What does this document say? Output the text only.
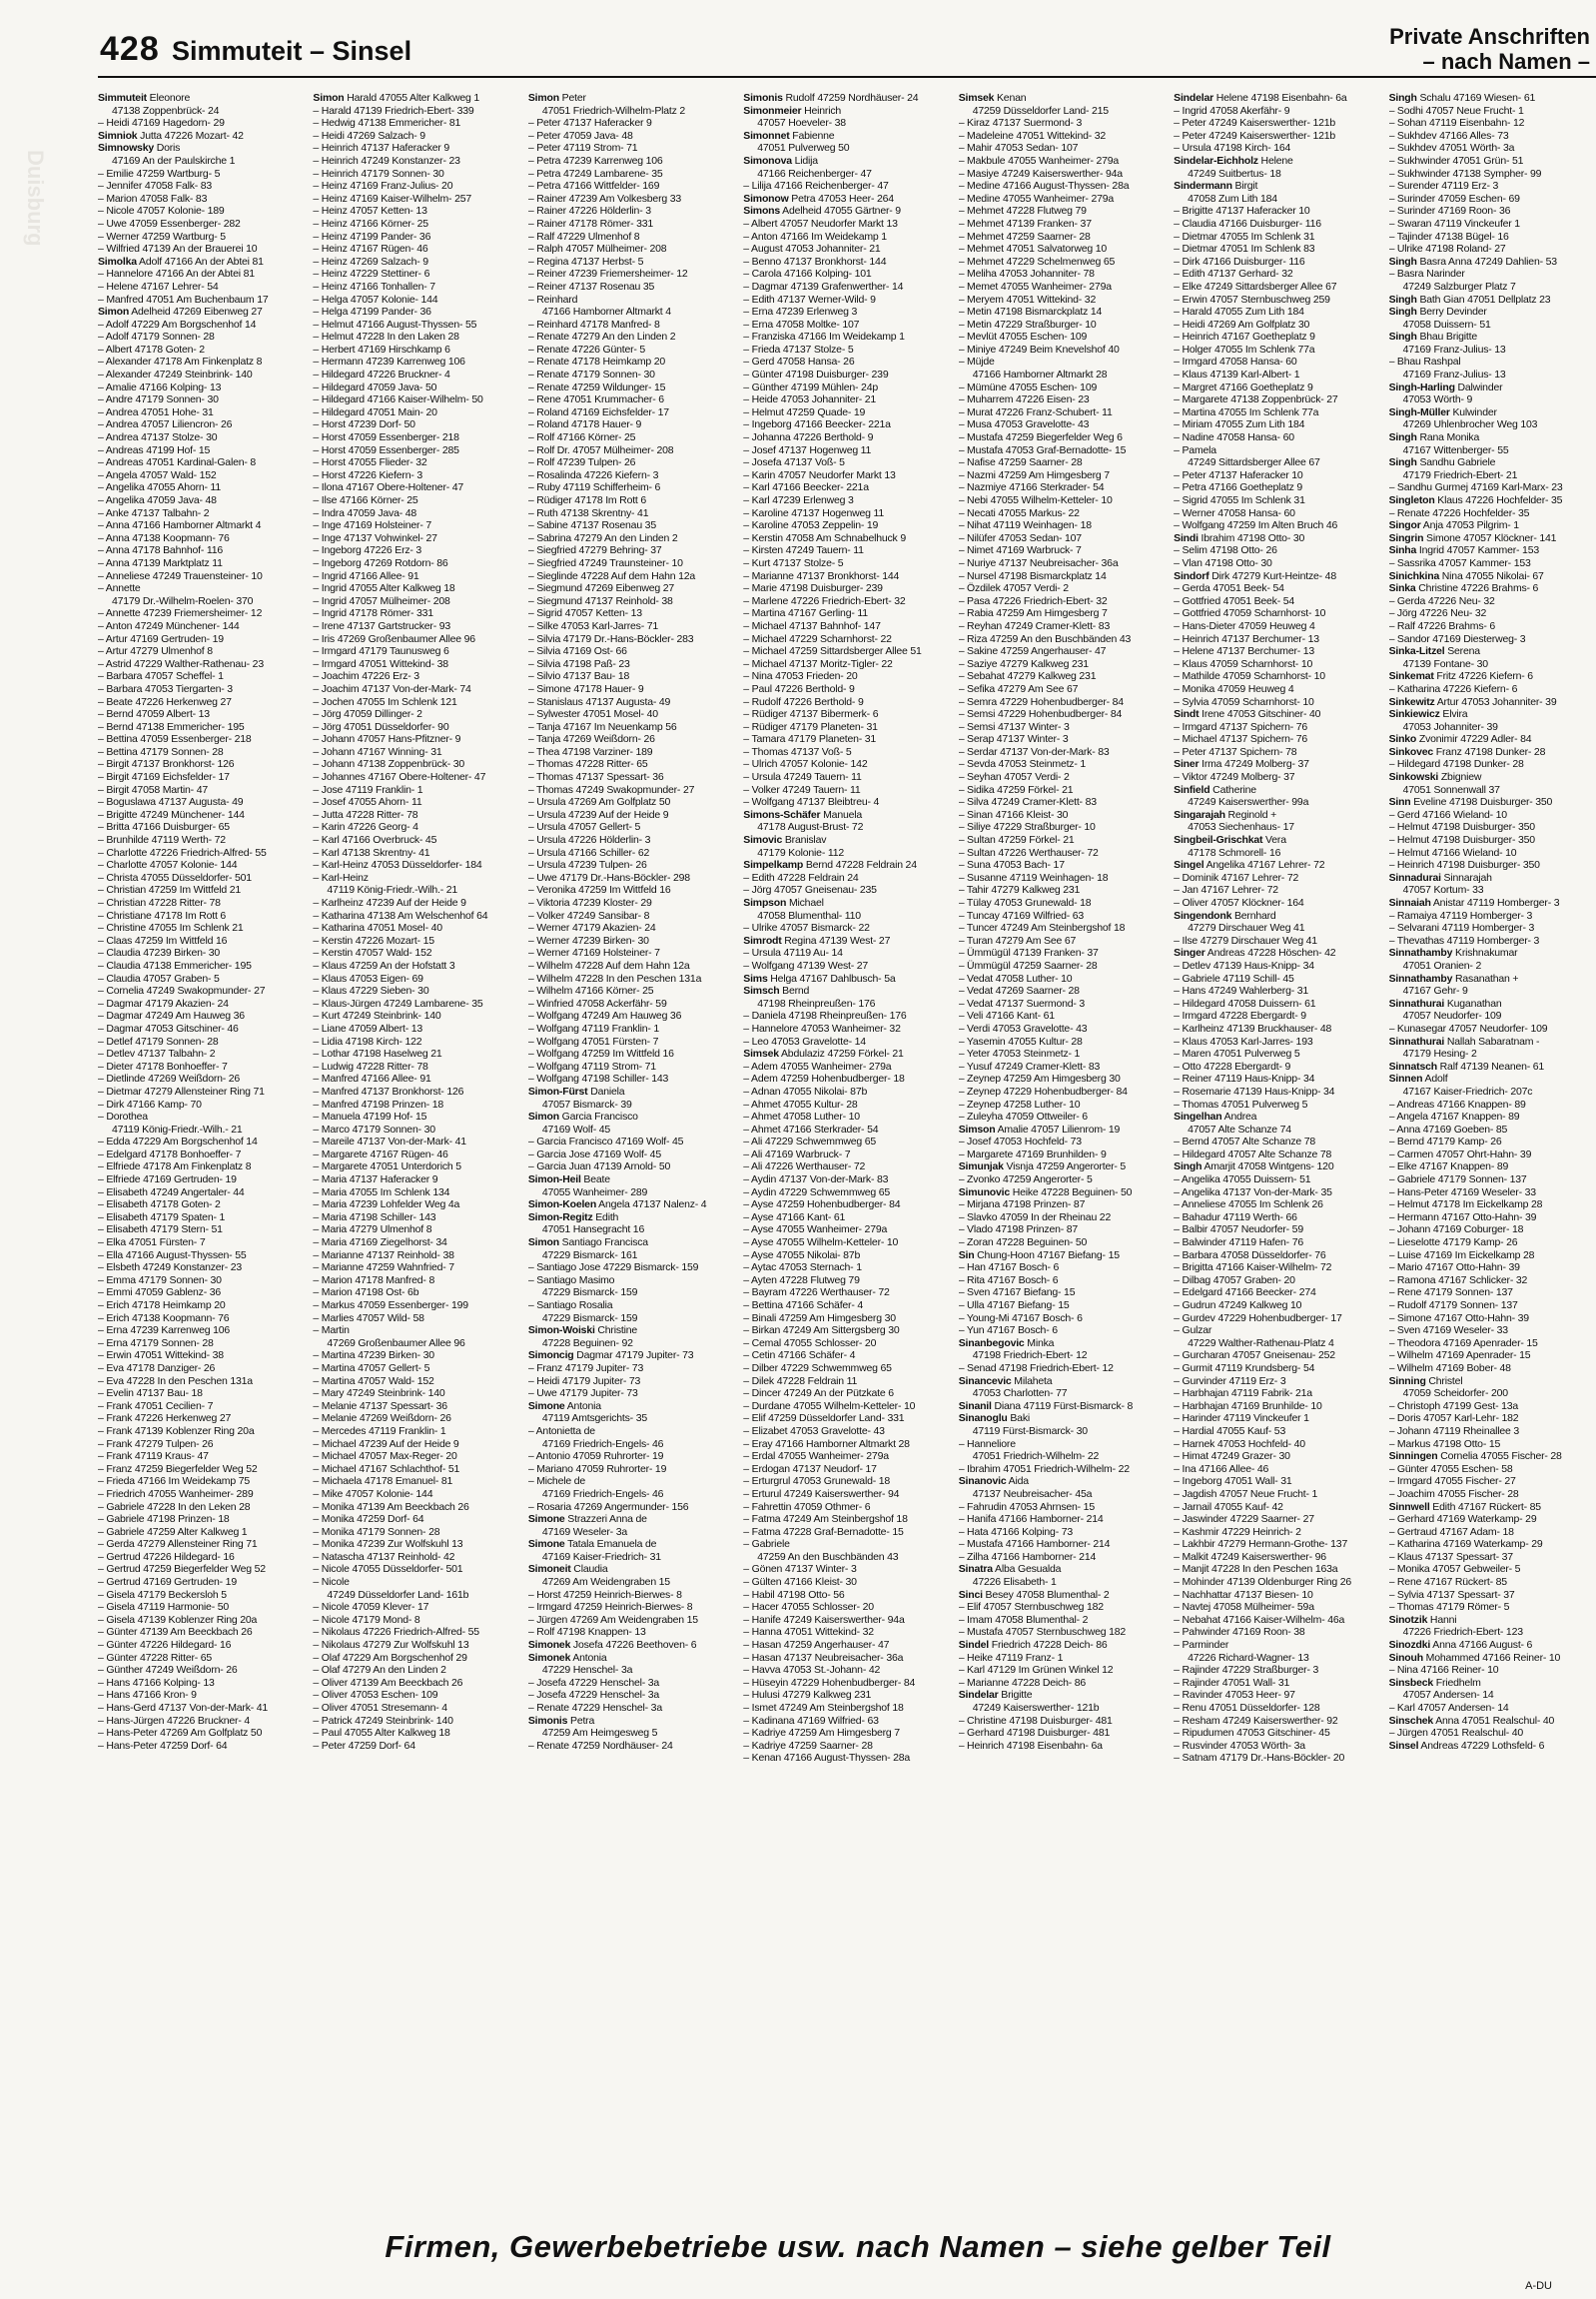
428 Simmuteit – Sinsel	Private Anschriften
– nach Namen –
Duisburg

Simmuteit Eleonore

47138 Zoppenbrück- 24

– Heidi 47169 Hagedorn- 29

Simniok Jutta 47226 Mozart- 42

Simnowsky Doris

47169 An der Paulskirche 1

– Emilie 47259 Wartburg- 5

– Jennifer 47058 Falk- 83

– Marion 47058 Falk- 83

– Nicole 47057 Kolonie- 189

– Uwe 47059 Essenberger- 282

– Werner 47259 Wartburg- 5

– Wilfried 47139 An der Brauerei 10

Simolka Adolf 47166 An der Abtei 81

– Hannelore 47166 An der Abtei 81

– Helene 47167 Lehrer- 54

– Manfred 47051 Am Buchenbaum 17

Simon Adelheid 47269 Eibenweg 27

– Adolf 47229 Am Borgschenhof 14

– Adolf 47179 Sonnen- 28

– Albert 47178 Goten- 2

– Alexander 47178 Am Finkenplatz 8

– Alexander 47249 Steinbrink- 140

– Amalie 47166 Kolping- 13

– Andre 47179 Sonnen- 30

– Andrea 47051 Hohe- 31

– Andrea 47057 Liliencron- 26

– Andrea 47137 Stolze- 30

– Andreas 47199 Hof- 15

– Andreas 47051 Kardinal-Galen- 8

– Angela 47057 Wald- 152

– Angelika 47055 Ahorn- 11

– Angelika 47059 Java- 48

– Anke 47137 Talbahn- 2

– Anna 47166 Hamborner Altmarkt 4

– Anna 47138 Koopmann- 76

– Anna 47178 Bahnhof- 116

– Anna 47139 Marktplatz 11

– Anneliese 47249 Trauensteiner- 10

– Annette

47179 Dr.-Wilhelm-Roelen- 370

– Annette 47239 Friemersheimer- 12

– Anton 47249 Münchener- 144

– Artur 47169 Gertruden- 19

– Artur 47279 Ulmenhof 8

– Astrid 47229 Walther-Rathenau- 23

– Barbara 47057 Scheffel- 1

– Barbara 47053 Tiergarten- 3

– Beate 47226 Herkenweg 27

– Bernd 47059 Albert- 13

– Bernd 47138 Emmericher- 195

– Bettina 47059 Essenberger- 218

– Bettina 47179 Sonnen- 28

– Birgit 47137 Bronkhorst- 126

– Birgit 47169 Eichsfelder- 17

– Birgit 47058 Martin- 47

– Boguslawa 47137 Augusta- 49

– Brigitte 47249 Münchener- 144

– Britta 47166 Duisburger- 65

– Brunhilde 47119 Werth- 72

– Charlotte 47226 Friedrich-Alfred- 55

– Charlotte 47057 Kolonie- 144

– Christa 47055 Düsseldorfer- 501

– Christian 47259 Im Wittfeld 21

– Christian 47228 Ritter- 78

– Christiane 47178 Im Rott 6

– Christine 47055 Im Schlenk 21

– Claas 47259 Im Wittfeld 16

– Claudia 47239 Birken- 30

– Claudia 47138 Emmericher- 195

– Claudia 47057 Graben- 5

– Cornelia 47249 Swakopmunder- 27

– Dagmar 47179 Akazien- 24

– Dagmar 47249 Am Hauweg 36

– Dagmar 47053 Gitschiner- 46

– Detlef 47179 Sonnen- 28

– Detlev 47137 Talbahn- 2

– Dieter 47178 Bonhoeffer- 7

– Dietlinde 47269 Weißdorn- 26

– Dietmar 47279 Allensteiner Ring 71

– Dirk 47166 Kamp- 70

– Dorothea

47119 König-Friedr.-Wilh.- 21

– Edda 47229 Am Borgschenhof 14

– Edelgard 47178 Bonhoeffer- 7

– Elfriede 47178 Am Finkenplatz 8

– Elfriede 47169 Gertruden- 19

– Elisabeth 47249 Angertaler- 44

– Elisabeth 47178 Goten- 2

– Elisabeth 47179 Spaten- 1

– Elisabeth 47179 Stern- 51

– Elka 47051 Fürsten- 7

– Ella 47166 August-Thyssen- 55

– Elsbeth 47249 Konstanzer- 23

– Emma 47179 Sonnen- 30

– Emmi 47059 Gablenz- 36

– Erich 47178 Heimkamp 20

– Erich 47138 Koopmann- 76

– Erna 47239 Karrenweg 106

– Erna 47179 Sonnen- 28

– Erwin 47051 Wittekind- 38

– Eva 47178 Danziger- 26

– Eva 47228 In den Peschen 131a

– Evelin 47137 Bau- 18

– Frank 47051 Cecilien- 7

– Frank 47226 Herkenweg 27

– Frank 47139 Koblenzer Ring 20a

– Frank 47279 Tulpen- 26

– Frank 47119 Kraus- 47

– Franz 47259 Biegerfelder Weg 52

– Frieda 47166 Im Weidekamp 75

– Friedrich 47055 Wanheimer- 289

– Gabriele 47228 In den Leken 28

– Gabriele 47198 Prinzen- 18

– Gabriele 47259 Alter Kalkweg 1

– Gerda 47279 Allensteiner Ring 71

– Gertrud 47226 Hildegard- 16

– Gertrud 47259 Biegerfelder Weg 52

– Gertrud 47169 Gertruden- 19

– Gisela 47179 Beckersloh 5

– Gisela 47119 Harmonie- 50

– Gisela 47139 Koblenzer Ring 20a

– Günter 47139 Am Beeckbach 26

– Günter 47226 Hildegard- 16

– Günter 47228 Ritter- 65

– Günther 47249 Weißdorn- 26

– Hans 47166 Kolping- 13

– Hans 47166 Kron- 9

– Hans-Gerd 47137 Von-der-Mark- 41

– Hans-Jürgen 47226 Bruckner- 4

– Hans-Peter 47269 Am Golfplatz 50

– Hans-Peter 47259 Dorf- 64

Simon Harald 47055 Alter Kalkweg 1

– Harald 47139 Friedrich-Ebert- 339

– Hedwig 47138 Emmericher- 81

– Heidi 47269 Salzach- 9

– Heinrich 47137 Haferacker 9

– Heinrich 47249 Konstanzer- 23

– Heinrich 47179 Sonnen- 30

– Heinz 47169 Franz-Julius- 20

– Heinz 47169 Kaiser-Wilhelm- 257

– Heinz 47057 Ketten- 13

– Heinz 47166 Körner- 25

– Heinz 47199 Pander- 36

– Heinz 47167 Rügen- 46

– Heinz 47269 Salzach- 9

– Heinz 47229 Stettiner- 6

– Heinz 47166 Tonhallen- 7

– Helga 47057 Kolonie- 144

– Helga 47199 Pander- 36

– Helmut 47166 August-Thyssen- 55

– Helmut 47228 In den Laken 28

– Herbert 47169 Hirschkamp 6

– Hermann 47239 Karrenweg 106

– Hildegard 47226 Bruckner- 4

– Hildegard 47059 Java- 50

– Hildegard 47166 Kaiser-Wilhelm- 50

– Hildegard 47051 Main- 20

– Horst 47239 Dorf- 50

– Horst 47059 Essenberger- 218

– Horst 47059 Essenberger- 285

– Horst 47055 Flieder- 32

– Horst 47226 Kiefern- 3

– Ilona 47167 Obere-Holtener- 47

– Ilse 47166 Körner- 25

– Indra 47059 Java- 48

– Inge 47169 Holsteiner- 7

– Inge 47137 Vohwinkel- 27

– Ingeborg 47226 Erz- 3

– Ingeborg 47269 Rotdorn- 86

– Ingrid 47166 Allee- 91

– Ingrid 47055 Alter Kalkweg 18

– Ingrid 47057 Mülheimer- 208

– Ingrid 47178 Römer- 331

– Irene 47137 Gartstrucker- 93

– Iris 47269 Großenbaumer Allee 96

– Irmgard 47179 Taunusweg 6

– Irmgard 47051 Wittekind- 38

– Joachim 47226 Erz- 3

– Joachim 47137 Von-der-Mark- 74

– Jochen 47055 Im Schlenk 121

– Jörg 47059 Dillinger- 2

– Jörg 47051 Düsseldorfer- 90

– Johann 47057 Hans-Pfitzner- 9

– Johann 47167 Winning- 31

– Johann 47138 Zoppenbrück- 30

– Johannes 47167 Obere-Holtener- 47

– Jose 47119 Franklin- 1

– Josef 47055 Ahorn- 11

– Jutta 47228 Ritter- 78

– Karin 47226 Georg- 4

– Karl 47166 Overbruck- 45

– Karl 47138 Skrentny- 41

– Karl-Heinz 47053 Düsseldorfer- 184

– Karl-Heinz

47119 König-Friedr.-Wilh.- 21

– Karlheinz 47239 Auf der Heide 9

– Katharina 47138 Am Welschenhof 64

– Katharina 47051 Mosel- 40

– Kerstin 47226 Mozart- 15

– Kerstin 47057 Wald- 152

– Klaus 47259 An der Hofstatt 3

– Klaus 47053 Eigen- 69

– Klaus 47229 Sieben- 30

– Klaus-Jürgen 47249 Lambarene- 35

– Kurt 47249 Steinbrink- 140

– Liane 47059 Albert- 13

– Lidia 47198 Kirch- 122

– Lothar 47198 Haselweg 21

– Ludwig 47228 Ritter- 78

– Manfred 47166 Allee- 91

– Manfred 47137 Bronkhorst- 126

– Manfred 47198 Prinzen- 18

– Manuela 47199 Hof- 15

– Marco 47179 Sonnen- 30

– Mareile 47137 Von-der-Mark- 41

– Margarete 47167 Rügen- 46

– Margarete 47051 Unterdorich 5

– Maria 47137 Haferacker 9

– Maria 47055 Im Schlenk 134

– Maria 47239 Lohfelder Weg 4a

– Maria 47198 Schiller- 143

– Maria 47279 Ulmenhof 8

– Maria 47169 Ziegelhorst- 34

– Marianne 47137 Reinhold- 38

– Marianne 47259 Wahnfried- 7

– Marion 47178 Manfred- 8

– Marion 47198 Ost- 6b

– Markus 47059 Essenberger- 199

– Marlies 47057 Wild- 58

– Martin

47269 Großenbaumer Allee 96

– Martina 47239 Birken- 30

– Martina 47057 Gellert- 5

– Martina 47057 Wald- 152

– Mary 47249 Steinbrink- 140

– Melanie 47137 Spessart- 36

– Melanie 47269 Weißdorn- 26

– Mercedes 47119 Franklin- 1

– Michael 47239 Auf der Heide 9

– Michael 47057 Max-Reger- 20

– Michael 47167 Schlachthof- 51

– Michaela 47178 Emanuel- 81

– Mike 47057 Kolonie- 144

– Monika 47139 Am Beeckbach 26

– Monika 47259 Dorf- 64

– Monika 47179 Sonnen- 28

– Monika 47239 Zur Wolfskuhl 13

– Natascha 47137 Reinhold- 42

– Nicole 47055 Düsseldorfer- 501

– Nicole

47249 Düsseldorfer Land- 161b

– Nicole 47059 Klever- 17

– Nicole 47179 Mond- 8

– Nikolaus 47226 Friedrich-Alfred- 55

– Nikolaus 47279 Zur Wolfskuhl 13

– Olaf 47229 Am Borgschenhof 29

– Olaf 47279 An den Linden 2

– Oliver 47139 Am Beeckbach 26

– Oliver 47053 Eschen- 109

– Oliver 47051 Stresemann- 4

– Patrick 47249 Steinbrink- 140

– Paul 47055 Alter Kalkweg 18

– Peter 47259 Dorf- 64

Simon Peter

47051 Friedrich-Wilhelm-Platz 2

– Peter 47137 Haferacker 9

– Peter 47059 Java- 48

– Peter 47119 Strom- 71

– Petra 47239 Karrenweg 106

– Petra 47249 Lambarene- 35

– Petra 47166 Wittfelder- 169

– Rainer 47239 Am Volkesberg 33

– Rainer 47226 Hölderlin- 3

– Rainer 47178 Römer- 331

– Ralf 47229 Ulmenhof 8

– Ralph 47057 Mülheimer- 208

– Regina 47137 Herbst- 5

– Reiner 47239 Friemersheimer- 12

– Reiner 47137 Rosenau 35

– Reinhard

47166 Hamborner Altmarkt 4

– Reinhard 47178 Manfred- 8

– Renate 47279 An den Linden 2

– Renate 47226 Günter- 5

– Renate 47178 Heimkamp 20

– Renate 47179 Sonnen- 30

– Renate 47259 Wildunger- 15

– Rene 47051 Krummacher- 6

– Roland 47169 Eichsfelder- 17

– Roland 47178 Hauer- 9

– Rolf 47166 Körner- 25

– Rolf Dr. 47057 Mülheimer- 208

– Rolf 47239 Tulpen- 26

– Rosalinda 47226 Kiefern- 3

– Ruby 47119 Schifferheim- 6

– Rüdiger 47178 Im Rott 6

– Ruth 47138 Skrentny- 41

– Sabine 47137 Rosenau 35

– Sabrina 47279 An den Linden 2

– Siegfried 47279 Behring- 37

– Siegfried 47249 Traunsteiner- 10

– Sieglinde 47228 Auf dem Hahn 12a

– Siegmund 47269 Eibenweg 27

– Siegmund 47137 Reinhold- 38

– Sigrid 47057 Ketten- 13

– Silke 47053 Karl-Jarres- 71

– Silvia 47179 Dr.-Hans-Böckler- 283

– Silvia 47169 Ost- 66

– Silvia 47198 Paß- 23

– Silvio 47137 Bau- 18

– Simone 47178 Hauer- 9

– Stanislaus 47137 Augusta- 49

– Sylwester 47051 Mosel- 40

– Tanja 47167 Im Neuenkamp 56

– Tanja 47269 Weißdorn- 26

– Thea 47198 Varziner- 189

– Thomas 47228 Ritter- 65

– Thomas 47137 Spessart- 36

– Thomas 47249 Swakopmunder- 27

– Ursula 47269 Am Golfplatz 50

– Ursula 47239 Auf der Heide 9

– Ursula 47057 Gellert- 5

– Ursula 47226 Hölderlin- 3

– Ursula 47166 Schiller- 62

– Ursula 47239 Tulpen- 26

– Uwe 47179 Dr.-Hans-Böckler- 298

– Veronika 47259 Im Wittfeld 16

– Viktoria 47239 Kloster- 29

– Volker 47249 Sansibar- 8

– Werner 47179 Akazien- 24

– Werner 47239 Birken- 30

– Werner 47169 Holsteiner- 7

– Wilhelm 47228 Auf dem Hahn 12a

– Wilhelm 47228 In den Peschen 131a

– Wilhelm 47166 Körner- 25

– Winfried 47058 Ackerfähr- 59

– Wolfgang 47249 Am Hauweg 36

– Wolfgang 47119 Franklin- 1

– Wolfgang 47051 Fürsten- 7

– Wolfgang 47259 Im Wittfeld 16

– Wolfgang 47119 Strom- 71

– Wolfgang 47198 Schiller- 143

Simon-Fürst Daniela

47057 Bismarck- 39

Simon Garcia Francisco

47169 Wolf- 45

– Garcia Francisco 47169 Wolf- 45

– Garcia Jose 47169 Wolf- 45

– Garcia Juan 47139 Arnold- 50

Simon-Heil Beate

47055 Wanheimer- 289

Simon-Koelen Angela 47137 Nalenz- 4

Simon-Regitz Edith

47051 Hansegracht 16

Simon Santiago Francisca

47229 Bismarck- 161

– Santiago Jose 47229 Bismarck- 159

– Santiago Masimo

47229 Bismarck- 159

– Santiago Rosalia

47229 Bismarck- 159

Simon-Woiski Christine

47228 Beguinen- 92

Simoncig Dagmar 47179 Jupiter- 73

– Franz 47179 Jupiter- 73

– Heidi 47179 Jupiter- 73

– Uwe 47179 Jupiter- 73

Simone Antonia

47119 Amtsgerichts- 35

– Antonietta de

47169 Friedrich-Engels- 46

– Antonio 47059 Ruhrorter- 19

– Mariano 47059 Ruhrorter- 19

– Michele de

47169 Friedrich-Engels- 46

– Rosaria 47269 Angermunder- 156

Simone Strazzeri Anna de

47169 Weseler- 3a

Simone Tatala Emanuela de

47169 Kaiser-Friedrich- 31

Simoneit Claudia

47269 Am Weidengraben 15

– Horst 47259 Heinrich-Bierwes- 8

– Irmgard 47259 Heinrich-Bierwes- 8

– Jürgen 47269 Am Weidengraben 15

– Rolf 47198 Knappen- 13

Simonek Josefa 47226 Beethoven- 6

Simonek Antonia

47229 Henschel- 3a

– Josefa 47229 Henschel- 3a

– Josefa 47229 Henschel- 3a

– Renate 47229 Henschel- 3a

Simonis Petra

47259 Am Heimgesweg 5

– Renate 47259 Nordhäuser- 24

Simonis Rudolf 47259 Nordhäuser- 24

Simonmeier Heinrich

47057 Hoeveler- 38

Simonnet Fabienne

47051 Pulverweg 50

Simonova Lidija

47166 Reichenberger- 47

– Lilija 47166 Reichenberger- 47

Simonow Petra 47053 Heer- 264

Simons Adelheid 47055 Gärtner- 9

– Albert 47057 Neudorfer Markt 13

– Anton 47166 Im Weidekamp 1

– August 47053 Johanniter- 21

– Benno 47137 Bronkhorst- 144

– Carola 47166 Kolping- 101

– Dagmar 47139 Grafenwerther- 14

– Edith 47137 Werner-Wild- 9

– Erna 47239 Erlenweg 3

– Erna 47058 Moltke- 107

– Franziska 47166 Im Weidekamp 1

– Frieda 47137 Stolze- 5

– Gerd 47058 Hansa- 26

– Günter 47198 Duisburger- 239

– Günther 47199 Mühlen- 24p

– Heide 47053 Johanniter- 21

– Helmut 47259 Quade- 19

– Ingeborg 47166 Beecker- 221a

– Johanna 47226 Berthold- 9

– Josef 47137 Hogenweg 11

– Josefa 47137 Voß- 5

– Karin 47057 Neudorfer Markt 13

– Karl 47166 Beecker- 221a

– Karl 47239 Erlenweg 3

– Karoline 47137 Hogenweg 11

– Karoline 47053 Zeppelin- 19

– Kerstin 47058 Am Schnabelhuck 9

– Kirsten 47249 Tauern- 11

– Kurt 47137 Stolze- 5

– Marianne 47137 Bronkhorst- 144

– Marie 47198 Duisburger- 239

– Marlene 47226 Friedrich-Ebert- 32

– Martina 47167 Gerling- 11

– Michael 47137 Bahnhof- 147

– Michael 47229 Scharnhorst- 22

– Michael 47259 Sittardsberger Allee 51

– Michael 47137 Moritz-Tigler- 22

– Nina 47053 Frieden- 20

– Paul 47226 Berthold- 9

– Rudolf 47226 Berthold- 9

– Rüdiger 47137 Bibermerk- 6

– Rüdiger 47179 Planeten- 31

– Tamara 47179 Planeten- 31

– Thomas 47137 Voß- 5

– Ulrich 47057 Kolonie- 142

– Ursula 47249 Tauern- 11

– Volker 47249 Tauern- 11

– Wolfgang 47137 Bleibtreu- 4

Simons-Schäfer Manuela

47178 August-Brust- 72

Simovic Branislav

47179 Kolonie- 112

Simpelkamp Bernd 47228 Feldrain 24

– Edith 47228 Feldrain 24

– Jörg 47057 Gneisenau- 235

Simpson Michael

47058 Blumenthal- 110

– Ulrike 47057 Bismarck- 22

Simrodt Regina 47139 West- 27

– Ursula 47119 Au- 14

– Wolfgang 47139 West- 27

Sims Helga 47167 Dahlbusch- 5a

Simsch Bernd

47198 Rheinpreußen- 176

– Daniela 47198 Rheinpreußen- 176

– Hannelore 47053 Wanheimer- 32

– Leo 47053 Gravelotte- 14

Simsek Abdulaziz 47259 Förkel- 21

– Adem 47055 Wanheimer- 279a

– Adem 47259 Hohenbudberger- 18

– Adnan 47055 Nikolai- 87b

– Ahmet 47055 Kultur- 28

– Ahmet 47058 Luther- 10

– Ahmet 47166 Sterkrader- 54

– Ali 47229 Schwemmweg 65

– Ali 47169 Warbruck- 7

– Ali 47226 Werthauser- 72

– Aydin 47137 Von-der-Mark- 83

– Aydin 47229 Schwemmweg 65

– Ayse 47259 Hohenbudberger- 84

– Ayse 47166 Kant- 61

– Ayse 47055 Wanheimer- 279a

– Ayse 47055 Wilhelm-Ketteler- 10

– Ayse 47055 Nikolai- 87b

– Aytac 47053 Sternach- 1

– Ayten 47228 Flutweg 79

– Bayram 47226 Werthauser- 72

– Bettina 47166 Schäfer- 4

– Binali 47259 Am Himgesberg 30

– Birkan 47249 Am Sittergsberg 30

– Cemal 47055 Schlosser- 20

– Cetin 47166 Schäfer- 4

– Dilber 47229 Schwemmweg 65

– Dilek 47228 Feldrain 11

– Dincer 47249 An der Pützkate 6

– Durdane 47055 Wilhelm-Ketteler- 10

– Elif 47259 Düsseldorfer Land- 331

– Elizabet 47053 Gravelotte- 43

– Eray 47166 Hamborner Altmarkt 28

– Erdal 47055 Wanheimer- 279a

– Erdogan 47137 Neudorf- 17

– Erturgrul 47053 Grunewald- 18

– Erturul 47249 Kaiserswerther- 94

– Fahrettin 47059 Othmer- 6

– Fatma 47249 Am Steinbergshof 18

– Fatma 47228 Graf-Bernadotte- 15

– Gabriele

47259 An den Buschbänden 43

– Gönen 47137 Winter- 3

– Gülten 47166 Kleist- 30

– Habil 47198 Otto- 56

– Hacer 47055 Schlosser- 20

– Hanife 47249 Kaiserswerther- 94a

– Hanna 47051 Wittekind- 32

– Hasan 47259 Angerhauser- 47

– Hasan 47137 Neubreisacher- 36a

– Havva 47053 St.-Johann- 42

– Hüseyin 47229 Hohenbudberger- 84

– Hulusi 47279 Kalkweg 231

– Ismet 47249 Am Steinbergshof 18

– Kadinana 47169 Wilfried- 63

– Kadriye 47259 Am Himgesberg 7

– Kadriye 47259 Saarner- 28

– Kenan 47166 August-Thyssen- 28a

Simsek Kenan

47259 Düsseldorfer Land- 215

– Kiraz 47137 Suermond- 3

– Madeleine 47051 Wittekind- 32

– Mahir 47053 Sedan- 107

– Makbule 47055 Wanheimer- 279a

– Masiye 47249 Kaiserswerther- 94a

– Medine 47166 August-Thyssen- 28a

– Medine 47055 Wanheimer- 279a

– Mehmet 47228 Flutweg 79

– Mehmet 47139 Franken- 37

– Mehmet 47259 Saarner- 28

– Mehmet 47051 Salvatorweg 10

– Mehmet 47229 Schelmenweg 65

– Meliha 47053 Johanniter- 78

– Memet 47055 Wanheimer- 279a

– Meryem 47051 Wittekind- 32

– Metin 47198 Bismarckplatz 14

– Metin 47229 Straßburger- 10

– Mevlüt 47055 Eschen- 109

– Miniye 47249 Beim Knevelshof 40

– Müjde

47166 Hamborner Altmarkt 28

– Mümüne 47055 Eschen- 109

– Muharrem 47226 Eisen- 23

– Murat 47226 Franz-Schubert- 11

– Musa 47053 Gravelotte- 43

– Mustafa 47259 Biegerfelder Weg 6

– Mustafa 47053 Graf-Bernadotte- 15

– Nafise 47259 Saarner- 28

– Nazmi 47259 Am Himgesberg 7

– Nazmiye 47166 Sterkrader- 54

– Nebi 47055 Wilhelm-Ketteler- 10

– Necati 47055 Markus- 22

– Nihat 47119 Weinhagen- 18

– Nilüfer 47053 Sedan- 107

– Nimet 47169 Warbruck- 7

– Nuriye 47137 Neubreisacher- 36a

– Nursel 47198 Bismarckplatz 14

– Özdilek 47057 Verdi- 2

– Pasa 47226 Friedrich-Ebert- 32

– Rabia 47259 Am Himgesberg 7

– Reyhan 47249 Cramer-Klett- 83

– Riza 47259 An den Buschbänden 43

– Sakine 47259 Angerhauser- 47

– Saziye 47279 Kalkweg 231

– Sebahat 47279 Kalkweg 231

– Sefika 47279 Am See 67

– Semra 47229 Hohenbudberger- 84

– Semsi 47229 Hohenbudberger- 84

– Semsi 47137 Winter- 3

– Serap 47137 Winter- 3

– Serdar 47137 Von-der-Mark- 83

– Sevda 47053 Steinmetz- 1

– Seyhan 47057 Verdi- 2

– Sidika 47259 Förkel- 21

– Silva 47249 Cramer-Klett- 83

– Sinan 47166 Kleist- 30

– Siliye 47229 Straßburger- 10

– Sultan 47259 Förkel- 21

– Sultan 47226 Werthauser- 72

– Suna 47053 Bach- 17

– Susanne 47119 Weinhagen- 18

– Tahir 47279 Kalkweg 231

– Tülay 47053 Grunewald- 18

– Tuncay 47169 Wilfried- 63

– Tuncer 47249 Am Steinbergshof 18

– Turan 47279 Am See 67

– Ümmügül 47139 Franken- 37

– Ümmügül 47259 Saarner- 28

– Vedat 47058 Luther- 10

– Vedat 47269 Saarner- 28

– Vedat 47137 Suermond- 3

– Veli 47166 Kant- 61

– Verdi 47053 Gravelotte- 43

– Yasemin 47055 Kultur- 28

– Yeter 47053 Steinmetz- 1

– Yusuf 47249 Cramer-Klett- 83

– Zeynep 47259 Am Himgesberg 30

– Zeynep 47229 Hohenbudberger- 84

– Zeynep 47258 Luther- 10

– Zuleyha 47059 Ottweiler- 6

Simson Amalie 47057 Lilienrom- 19

– Josef 47053 Hochfeld- 73

– Margarete 47169 Brunhilden- 9

Simunjak Visnja 47259 Angerorter- 5

– Zvonko 47259 Angerorter- 5

Simunovic Heike 47228 Beguinen- 50

– Mirjana 47198 Prinzen- 87

– Slavko 47059 In der Rheinau 22

– Vlado 47198 Prinzen- 87

– Zoran 47228 Beguinen- 50

Sin Chung-Hoon 47167 Biefang- 15

– Han 47167 Bosch- 6

– Rita 47167 Bosch- 6

– Sven 47167 Biefang- 15

– Ulla 47167 Biefang- 15

– Young-Mi 47167 Bosch- 6

– Yun 47167 Bosch- 6

Sinanbegovic Minka

47198 Friedrich-Ebert- 12

– Senad 47198 Friedrich-Ebert- 12

Sinancevic Milaheta

47053 Charlotten- 77

Sinanil Diana 47119 Fürst-Bismarck- 8

Sinanoglu Baki

47119 Fürst-Bismarck- 30

– Hanneliore

47051 Friedrich-Wilhelm- 22

– Ibrahim 47051 Friedrich-Wilhelm- 22

Sinanovic Aida

47137 Neubreisacher- 45a

– Fahrudin 47053 Ahrnsen- 15

– Hanifa 47166 Hamborner- 214

– Hata 47166 Kolping- 73

– Mustafa 47166 Hamborner- 214

– Zilha 47166 Hamborner- 214

Sinatra Alba Gesualda

47226 Elisabeth- 1

Sinci Besey 47058 Blumenthal- 2

– Elif 47057 Sternbuschweg 182

– Imam 47058 Blumenthal- 2

– Mustafa 47057 Sternbuschweg 182

Sindel Friedrich 47228 Deich- 86

– Heike 47119 Franz- 1

– Karl 47129 Im Grünen Winkel 12

– Marianne 47228 Deich- 86

Sindelar Brigitte

47249 Kaiserswerther- 121b

– Christine 47198 Duisburger- 481

– Gerhard 47198 Duisburger- 481

– Heinrich 47198 Eisenbahn- 6a

Sindelar Helene 47198 Eisenbahn- 6a

– Ingrid 47058 Akerfähr- 9

– Peter 47249 Kaiserswerther- 121b

– Peter 47249 Kaiserswerther- 121b

– Ursula 47198 Kirch- 164

Sindelar-Eichholz Helene

47249 Suitbertus- 18

Sindermann Birgit

47058 Zum Lith 184

– Brigitte 47137 Haferacker 10

– Claudia 47166 Duisburger- 116

– Dietmar 47055 Im Schlenk 31

– Dietmar 47051 Im Schlenk 83

– Dirk 47166 Duisburger- 116

– Edith 47137 Gerhard- 32

– Elke 47249 Sittardsberger Allee 67

– Erwin 47057 Sternbuschweg 259

– Harald 47055 Zum Lith 184

– Heidi 47269 Am Golfplatz 30

– Heinrich 47167 Goetheplatz 9

– Holger 47055 Im Schlenk 77a

– Irmgard 47058 Hansa- 60

– Klaus 47139 Karl-Albert- 1

– Margret 47166 Goetheplatz 9

– Margarete 47138 Zoppenbrück- 27

– Martina 47055 Im Schlenk 77a

– Miriam 47055 Zum Lith 184

– Nadine 47058 Hansa- 60

– Pamela

47249 Sittardsberger Allee 67

– Peter 47137 Haferacker 10

– Petra 47166 Goetheplatz 9

– Sigrid 47055 Im Schlenk 31

– Werner 47058 Hansa- 60

– Wolfgang 47259 Im Alten Bruch 46

Sindi Ibrahim 47198 Otto- 30

– Selim 47198 Otto- 26

– Vlan 47198 Otto- 30

Sindorf Dirk 47279 Kurt-Heintze- 48

– Gerda 47051 Beek- 54

– Gottfried 47051 Beek- 54

– Gottfried 47059 Scharnhorst- 10

– Hans-Dieter 47059 Heuweg 4

– Heinrich 47137 Berchumer- 13

– Helene 47137 Berchumer- 13

– Klaus 47059 Scharnhorst- 10

– Mathilde 47059 Scharnhorst- 10

– Monika 47059 Heuweg 4

– Sylvia 47059 Scharnhorst- 10

Sindt Irene 47053 Gitschiner- 40

– Irmgard 47137 Spichern- 76

– Michael 47137 Spichern- 76

– Peter 47137 Spichern- 78

Siner Irma 47249 Molberg- 37

– Viktor 47249 Molberg- 37

Sinfield Catherine

47249 Kaiserswerther- 99a

Singarajah Reginold +

47053 Siechenhaus- 17

Singbeil-Grischkat Vera

47178 Schmorell- 16

Singel Angelika 47167 Lehrer- 72

– Dominik 47167 Lehrer- 72

– Jan 47167 Lehrer- 72

– Oliver 47057 Klöckner- 164

Singendonk Bernhard

47279 Dirschauer Weg 41

– Ilse 47279 Dirschauer Weg 41

Singer Andreas 47228 Höschen- 42

– Detlev 47139 Haus-Knipp- 34

– Gabriele 47119 Schill- 45

– Hans 47249 Wahlerberg- 31

– Hildegard 47058 Duissern- 61

– Irmgard 47228 Ebergardt- 9

– Karlheinz 47139 Bruckhauser- 48

– Klaus 47053 Karl-Jarres- 193

– Maren 47051 Pulverweg 5

– Otto 47228 Ebergardt- 9

– Reiner 47119 Haus-Knipp- 34

– Rosemarie 47139 Haus-Knipp- 34

– Thomas 47051 Pulverweg 5

Singelhan Andrea

47057 Alte Schanze 74

– Bernd 47057 Alte Schanze 78

– Hildegard 47057 Alte Schanze 78

Singh Amarjit 47058 Wintgens- 120

– Angelika 47055 Duissern- 51

– Angelika 47137 Von-der-Mark- 35

– Anneliese 47055 Im Schlenk 26

– Bahadur 47119 Werth- 66

– Balbir 47057 Neudorfer- 59

– Balwinder 47119 Hafen- 76

– Barbara 47058 Düsseldorfer- 76

– Brigitta 47166 Kaiser-Wilhelm- 72

– Dilbag 47057 Graben- 20

– Edelgard 47166 Beecker- 274

– Gudrun 47249 Kalkweg 10

– Gurdev 47229 Hohenbudberger- 17

– Gulzar

47229 Walther-Rathenau-Platz 4

– Gurcharan 47057 Gneisenau- 252

– Gurmit 47119 Krundsberg- 54

– Gurvinder 47119 Erz- 3

– Harbhajan 47119 Fabrik- 21a

– Harbhajan 47169 Brunhilde- 10

– Harinder 47119 Vinckeufer 1

– Hardial 47055 Kauf- 53

– Harnek 47053 Hochfeld- 40

– Himat 47249 Grazer- 30

– Ina 47166 Allee- 46

– Ingeborg 47051 Wall- 31

– Jagdish 47057 Neue Frucht- 1

– Jarnail 47055 Kauf- 42

– Jaswinder 47229 Saarner- 27

– Kashmir 47229 Heinrich- 2

– Lakhbir 47279 Hermann-Grothe- 137

– Malkit 47249 Kaiserswerther- 96

– Manjit 47228 In den Peschen 163a

– Mohinder 47139 Oldenburger Ring 26

– Nachhattar 47137 Biesen- 10

– Navtej 47058 Mülheimer- 59a

– Nebahat 47166 Kaiser-Wilhelm- 46a

– Pahwinder 47169 Roon- 38

– Parminder

47226 Richard-Wagner- 13

– Rajinder 47229 Straßburger- 3

– Rajinder 47051 Wall- 31

– Ravinder 47053 Heer- 97

– Renu 47051 Düsseldorfer- 128

– Resham 47249 Kaiserswerther- 92

– Ripudumen 47053 Gitschiner- 45

– Rusvinder 47053 Wörth- 3a

– Satnam 47179 Dr.-Hans-Böckler- 20

Singh Schalu 47169 Wiesen- 61

– Sodhi 47057 Neue Frucht- 1

– Sohan 47119 Eisenbahn- 12

– Sukhdev 47166 Alles- 73

– Sukhdev 47051 Wörth- 3a

– Sukhwinder 47051 Grün- 51

– Sukhwinder 47138 Sympher- 99

– Surender 47119 Erz- 3

– Surinder 47059 Eschen- 69

– Surinder 47169 Roon- 36

– Swaran 47119 Vinckeufer 1

– Tajinder 47138 Bügel- 16

– Ulrike 47198 Roland- 27

Singh Basra Anna 47249 Dahlien- 53

– Basra Narinder

47249 Salzburger Platz 7

Singh Bath Gian 47051 Dellplatz 23

Singh Berry Devinder

47058 Duissern- 51

Singh Bhau Brigitte

47169 Franz-Julius- 13

– Bhau Rashpal

47169 Franz-Julius- 13

Singh-Harling Dalwinder

47053 Wörth- 9

Singh-Müller Kulwinder

47269 Uhlenbrocher Weg 103

Singh Rana Monika

47167 Wittenberger- 55

Singh Sandhu Gabriele

47179 Friedrich-Ebert- 21

– Sandhu Gurmej 47169 Karl-Marx- 23

Singleton Klaus 47226 Hochfelder- 35

– Renate 47226 Hochfelder- 35

Singor Anja 47053 Pilgrim- 1

Singrin Simone 47057 Klöckner- 141

Sinha Ingrid 47057 Kammer- 153

– Sassrika 47057 Kammer- 153

Sinichkina Nina 47055 Nikolai- 67

Sinka Christine 47226 Brahms- 6

– Gerda 47226 Neu- 32

– Jörg 47226 Neu- 32

– Ralf 47226 Brahms- 6

– Sandor 47169 Diesterweg- 3

Sinka-Litzel Serena

47139 Fontane- 30

Sinkemat Fritz 47226 Kiefern- 6

– Katharina 47226 Kiefern- 6

Sinkewitz Artur 47053 Johanniter- 39

Sinkiewicz Elvira

47053 Johanniter- 39

Sinko Zvonimir 47229 Adler- 84

Sinkovec Franz 47198 Dunker- 28

– Hildegard 47198 Dunker- 28

Sinkowski Zbigniew

47051 Sonnenwall 37

Sinn Eveline 47198 Duisburger- 350

– Gerd 47166 Wieland- 10

– Helmut 47198 Duisburger- 350

– Helmut 47198 Duisburger- 350

– Helmut 47166 Wieland- 10

– Heinrich 47198 Duisburger- 350

Sinnadurai Sinnarajah

47057 Kortum- 33

Sinnaiah Anistar 47119 Homberger- 3

– Ramaiya 47119 Homberger- 3

– Selvarani 47119 Homberger- 3

– Thevathas 47119 Homberger- 3

Sinnathamby Krishnakumar

47051 Oranien- 2

Sinnathamby Rasanathan +

47167 Gehr- 9

Sinnathurai Kuganathan

47057 Neudorfer- 109

– Kunasegar 47057 Neudorfer- 109

Sinnathurai Nallah Sabaratnam -

47179 Hesing- 2

Sinnatsch Ralf 47139 Neanen- 61

Sinnen Adolf

47167 Kaiser-Friedrich- 207c

– Andreas 47166 Knappen- 89

– Angela 47167 Knappen- 89

– Anna 47169 Goeben- 85

– Bernd 47179 Kamp- 26

– Carmen 47057 Ohrt-Hahn- 39

– Elke 47167 Knappen- 89

– Gabriele 47179 Sonnen- 137

– Hans-Peter 47169 Weseler- 33

– Helmut 47178 Im Eickelkamp 28

– Hermann 47167 Otto-Hahn- 39

– Johann 47169 Coburger- 18

– Lieselotte 47179 Kamp- 26

– Luise 47169 Im Eickelkamp 28

– Mario 47167 Otto-Hahn- 39

– Ramona 47167 Schlicker- 32

– Rene 47179 Sonnen- 137

– Rudolf 47179 Sonnen- 137

– Simone 47167 Otto-Hahn- 39

– Sven 47169 Weseler- 33

– Theodora 47169 Apenrader- 15

– Wilhelm 47169 Apenrader- 15

– Wilhelm 47169 Bober- 48

Sinning Christel

47059 Scheidorfer- 200

– Christoph 47199 Gest- 13a

– Doris 47057 Karl-Lehr- 182

– Johann 47119 Rheinallee 3

– Markus 47198 Otto- 15

Sinningen Cornelia 47055 Fischer- 28

– Günter 47055 Eschen- 58

– Irmgard 47055 Fischer- 27

– Joachim 47055 Fischer- 28

Sinnwell Edith 47167 Rückert- 85

– Gerhard 47169 Waterkamp- 29

– Gertraud 47167 Adam- 18

– Katharina 47169 Waterkamp- 29

– Klaus 47137 Spessart- 37

– Monika 47057 Gebweiler- 5

– Rene 47167 Rückert- 85

– Sylvia 47137 Spessart- 37

– Thomas 47179 Römer- 5

Sinotzik Hanni

47226 Friedrich-Ebert- 123

Sinozdki Anna 47166 August- 6

Sinouh Mohammed 47166 Reiner- 10

– Nina 47166 Reiner- 10

Sinsbeck Friedhelm

47057 Andersen- 14

– Karl 47057 Andersen- 14

Sinschek Anna 47051 Realschul- 40

– Jürgen 47051 Realschul- 40

Sinsel Andreas 47229 Lothsfeld- 6

Firmen, Gewerbebetriebe usw. nach Namen – siehe gelber Teil
A-DU
